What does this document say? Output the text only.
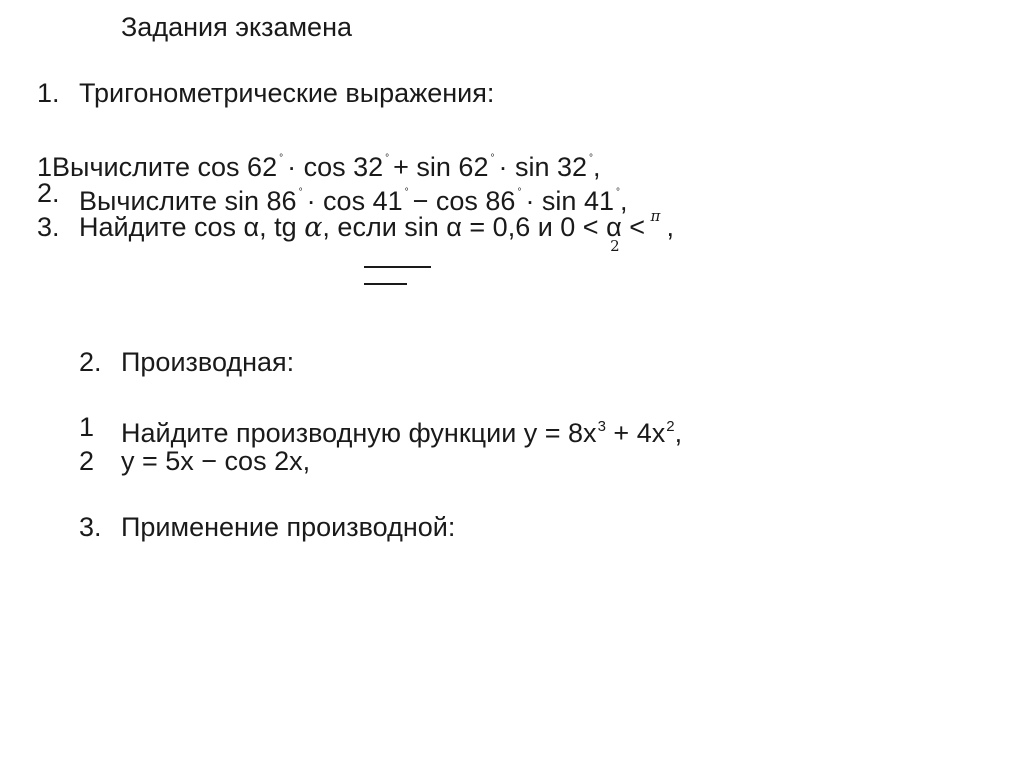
Задания экзамена
1. Тригонометрические выражения:
1Вычислите cos 62 ° · cos 32 ° + sin 62 ° · sin 32 °,
2. Вычислите sin 86 ° · cos 41 ° − cos 86 ° · sin 41 °,
3. Найдите cos α, tg α, если sin α = 0,6 и 0 < α
2
< π ,
2. Производная:
1 Найдите производную функции $y = 8x^3 + 4x^2$,
2 y = 5x − cos 2x,
3. Применение производной:
